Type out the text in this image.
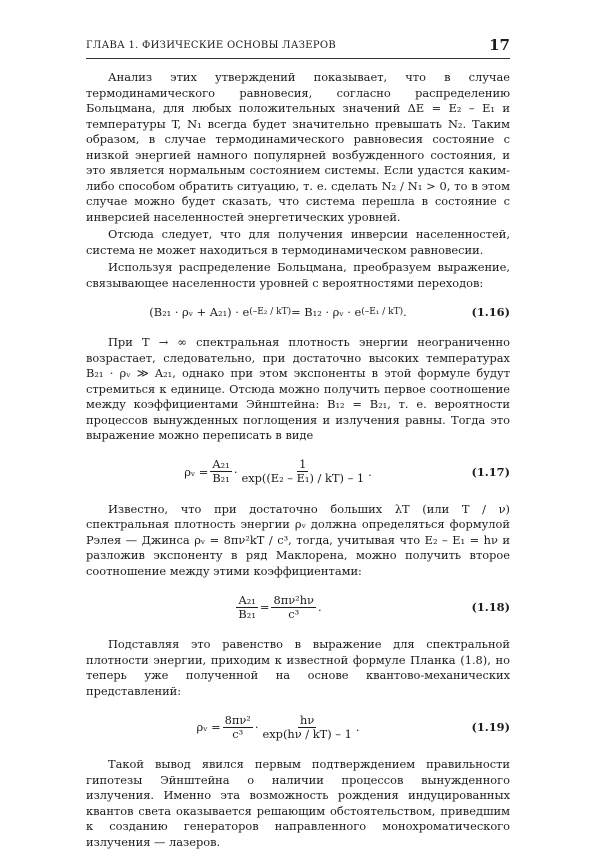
ГЛАВА 1. ФИЗИЧЕСКИЕ ОСНОВЫ ЛАЗЕРОВ	17

Анализ этих утверждений показывает, что в случае термодинамического равновесия, согласно распределению Больцмана, для любых положительных значений ΔE = E₂ – E₁ и температуры T, N₁ всегда будет значительно превышать N₂. Таким образом, в случае термодинамического равновесия состояние с низкой энергией намного популярней возбужденного состояния, и это является нормальным состоянием системы. Если удастся каким-либо способом обратить ситуацию, т. е. сделать N₂ / N₁ > 0, то в этом случае можно будет сказать, что система перешла в состояние с инверсией населенностей энергетических уровней.

Отсюда следует, что для получения инверсии населенностей, система не может находиться в термодинамическом равновесии.

Используя распределение Больцмана, преобразуем выражение, связывающее населенности уровней с вероятностями переходов:

(B₂₁ · ρᵥ + A₂₁) · e (–E₂ / kT) = B₁₂ · ρᵥ · e (–E₁ / kT) .	(1.16)

При T → ∞ спектральная плотность энергии неограниченно возрастает, следовательно, при достаточно высоких температурах B₂₁ · ρᵥ ≫ A₂₁, однако при этом экспоненты в этой формуле будут стремиться к единице. Отсюда можно получить первое соотношение между коэффициентами Эйнштейна: B₁₂ = B₂₁, т. е. вероятности процессов вынужденных поглощения и излучения равны. Тогда это выражение можно переписать в виде

ρᵥ = $\frac{\text{A₂₁}}{\text{B₂₁}} \cdot \frac{1}{\text{exp((E₂ – E₁) / kT) – 1}}$ .	(1.17)

Известно, что при достаточно больших λT (или T / ν) спектральная плотность энергии ρᵥ должна определяться формулой Рэлея — Джинса ρᵥ = 8πν²kT / c³, тогда, учитывая что E₂ – E₁ = hν и разложив экспоненту в ряд Маклорена, можно получить второе соотношение между этими коэффициентами:

$\frac{\text{A₂₁}}{\text{B₂₁}} = \frac{\text{8πν²hν}}{\text{c³}}$ .	(1.18)

Подставляя это равенство в выражение для спектральной плотности энергии, приходим к известной формуле Планка (1.8), но теперь уже полученной на основе квантово-механических представлений:

ρᵥ = $\frac{\text{8πν²}}{\text{c³}} \cdot \frac{h\nu}{\exp(h\nu / kT) - 1}$ .	(1.19)

Такой вывод явился первым подтверждением правильности гипотезы Эйнштейна о наличии процессов вынужденного излучения. Именно эта возможность рождения индуцированных квантов света оказывается решающим обстоятельством, приведшим к созданию генераторов направленного монохроматического излучения — лазеров.
